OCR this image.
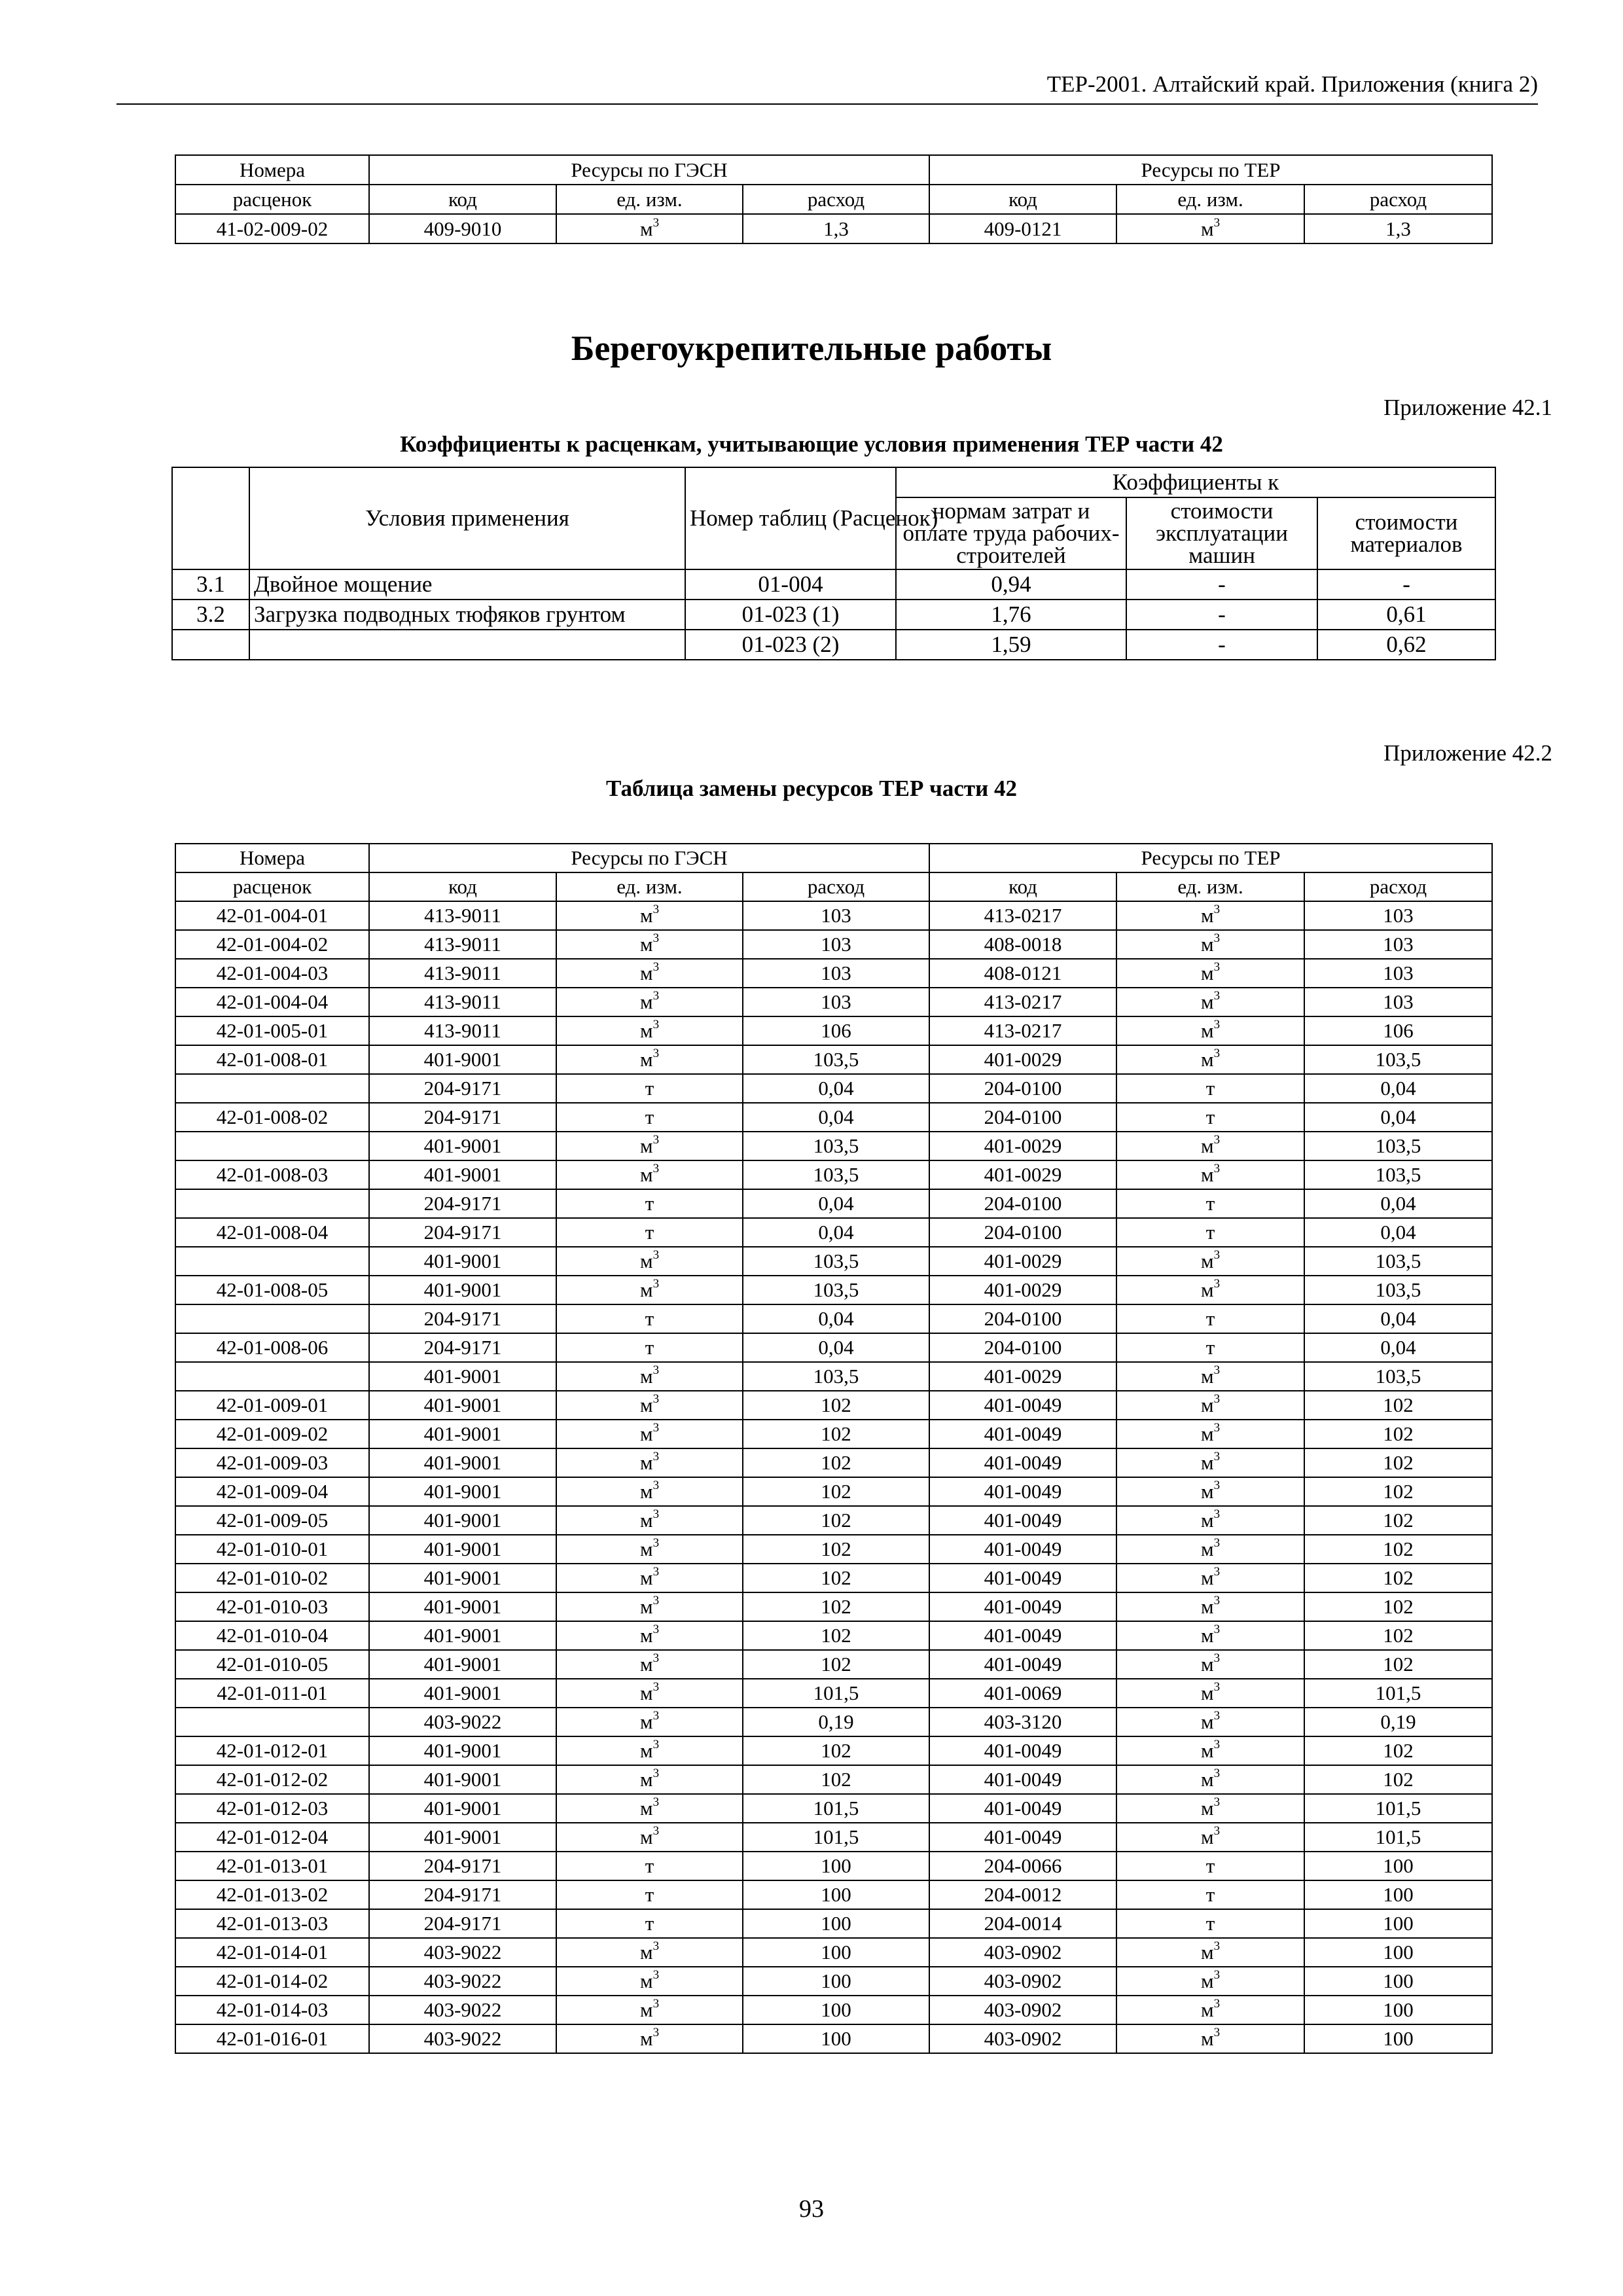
ТЕР-2001. Алтайский край. Приложения (книга 2)
Номера	Ресурсы по ГЭСН			Ресурсы по ТЕР		
расценок	код	ед. изм.	расход	код	ед. изм.	расход
41-02-009-02	409-9010	$м^3$	1,3	409-0121	$м^3$	1,3
Берегоукрепительные работы
Приложение 42.1
Коэффициенты к расценкам, учитывающие условия применения ТЕР части 42
	Условия применения	Номер таблиц (Расценок)	Коэффициенты к		
			нормам затрат и оплате труда рабочих-строителей	стоимости эксплуатации машин	стоимости материалов
3.1	Двойное мощение	01-004	0,94	-	-
3.2	Загрузка подводных тюфяков грунтом	01-023 (1)	1,76	-	0,61
		01-023 (2)	1,59	-	0,62
Приложение 42.2
Таблица замены ресурсов ТЕР части 42
Номера	Ресурсы по ГЭСН			Ресурсы по ТЕР		
расценок	код	ед. изм.	расход	код	ед. изм.	расход
42-01-004-01	413-9011	$м^3$	103	413-0217	$м^3$	103
42-01-004-02	413-9011	$м^3$	103	408-0018	$м^3$	103
42-01-004-03	413-9011	$м^3$	103	408-0121	$м^3$	103
42-01-004-04	413-9011	$м^3$	103	413-0217	$м^3$	103
42-01-005-01	413-9011	$м^3$	106	413-0217	$м^3$	106
42-01-008-01	401-9001	$м^3$	103,5	401-0029	$м^3$	103,5
	204-9171	т	0,04	204-0100	т	0,04
42-01-008-02	204-9171	т	0,04	204-0100	т	0,04
	401-9001	$м^3$	103,5	401-0029	$м^3$	103,5
42-01-008-03	401-9001	$м^3$	103,5	401-0029	$м^3$	103,5
	204-9171	т	0,04	204-0100	т	0,04
42-01-008-04	204-9171	т	0,04	204-0100	т	0,04
	401-9001	$м^3$	103,5	401-0029	$м^3$	103,5
42-01-008-05	401-9001	$м^3$	103,5	401-0029	$м^3$	103,5
	204-9171	т	0,04	204-0100	т	0,04
42-01-008-06	204-9171	т	0,04	204-0100	т	0,04
	401-9001	$м^3$	103,5	401-0029	$м^3$	103,5
42-01-009-01	401-9001	$м^3$	102	401-0049	$м^3$	102
42-01-009-02	401-9001	$м^3$	102	401-0049	$м^3$	102
42-01-009-03	401-9001	$м^3$	102	401-0049	$м^3$	102
42-01-009-04	401-9001	$м^3$	102	401-0049	$м^3$	102
42-01-009-05	401-9001	$м^3$	102	401-0049	$м^3$	102
42-01-010-01	401-9001	$м^3$	102	401-0049	$м^3$	102
42-01-010-02	401-9001	$м^3$	102	401-0049	$м^3$	102
42-01-010-03	401-9001	$м^3$	102	401-0049	$м^3$	102
42-01-010-04	401-9001	$м^3$	102	401-0049	$м^3$	102
42-01-010-05	401-9001	$м^3$	102	401-0049	$м^3$	102
42-01-011-01	401-9001	$м^3$	101,5	401-0069	$м^3$	101,5
	403-9022	$м^3$	0,19	403-3120	$м^3$	0,19
42-01-012-01	401-9001	$м^3$	102	401-0049	$м^3$	102
42-01-012-02	401-9001	$м^3$	102	401-0049	$м^3$	102
42-01-012-03	401-9001	$м^3$	101,5	401-0049	$м^3$	101,5
42-01-012-04	401-9001	$м^3$	101,5	401-0049	$м^3$	101,5
42-01-013-01	204-9171	т	100	204-0066	т	100
42-01-013-02	204-9171	т	100	204-0012	т	100
42-01-013-03	204-9171	т	100	204-0014	т	100
42-01-014-01	403-9022	$м^3$	100	403-0902	$м^3$	100
42-01-014-02	403-9022	$м^3$	100	403-0902	$м^3$	100
42-01-014-03	403-9022	$м^3$	100	403-0902	$м^3$	100
42-01-016-01	403-9022	$м^3$	100	403-0902	$м^3$	100
93
